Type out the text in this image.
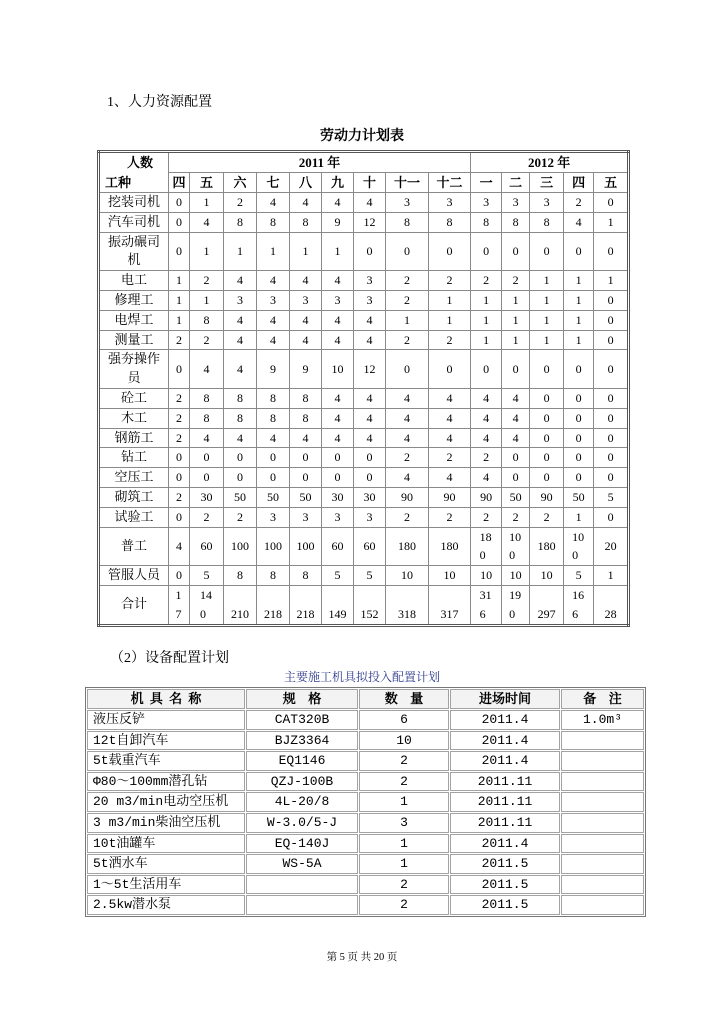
1、人力资源配置
劳动力计划表
人数
工种	2011 年									2012 年				
	四	五	六	七	八	九	十	十一	十二	一	二	三	四	五
挖装司机	0	1	2	4	4	4	4	3	3	3	3	3	2	0
汽车司机	0	4	8	8	8	9	12	8	8	8	8	8	4	1
振动碾司机	0	1	1	1	1	1	0	0	0	0	0	0	0	0
电工	1	2	4	4	4	4	3	2	2	2	2	1	1	1
修理工	1	1	3	3	3	3	3	2	1	1	1	1	1	0
电焊工	1	8	4	4	4	4	4	1	1	1	1	1	1	0
测量工	2	2	4	4	4	4	4	2	2	1	1	1	1	0
强夯操作员	0	4	4	9	9	10	12	0	0	0	0	0	0	0
砼工	2	8	8	8	8	4	4	4	4	4	4	0	0	0
木工	2	8	8	8	8	4	4	4	4	4	4	0	0	0
钢筋工	2	4	4	4	4	4	4	4	4	4	4	0	0	0
钻工	0	0	0	0	0	0	0	2	2	2	0	0	0	0
空压工	0	0	0	0	0	0	0	4	4	4	0	0	0	0
砌筑工	2	30	50	50	50	30	30	90	90	90	50	90	50	5
试验工	0	2	2	3	3	3	3	2	2	2	2	2	1	0
普工	4	60	100	100	100	60	60	180	180	180	100	180	100	20
管服人员	0	5	8	8	8	5	5	10	10	10	10	10	5	1
合计	17	140	210	218	218	149	152	318	317	316	190	297	166	28
（2）设备配置计划
主要施工机具拟投入配置计划
机 具 名 称	规  格	数  量	进场时间	备  注
液压反铲	CAT320B	6	2011.4	1.0m³
12t自卸汽车	BJZ3364	10	2011.4	
5t载重汽车	EQ1146	2	2011.4	
Φ80～100mm潜孔钻	QZJ-100B	2	2011.11	
20 m3/min电动空压机	4L-20/8	1	2011.11	
3 m3/min柴油空压机	W-3.0/5-J	3	2011.11	
10t油罐车	EQ-140J	1	2011.4	
5t洒水车	WS-5A	1	2011.5	
1～5t生活用车		2	2011.5	
2.5kw潜水泵		2	2011.5	
第 5 页 共 20 页
